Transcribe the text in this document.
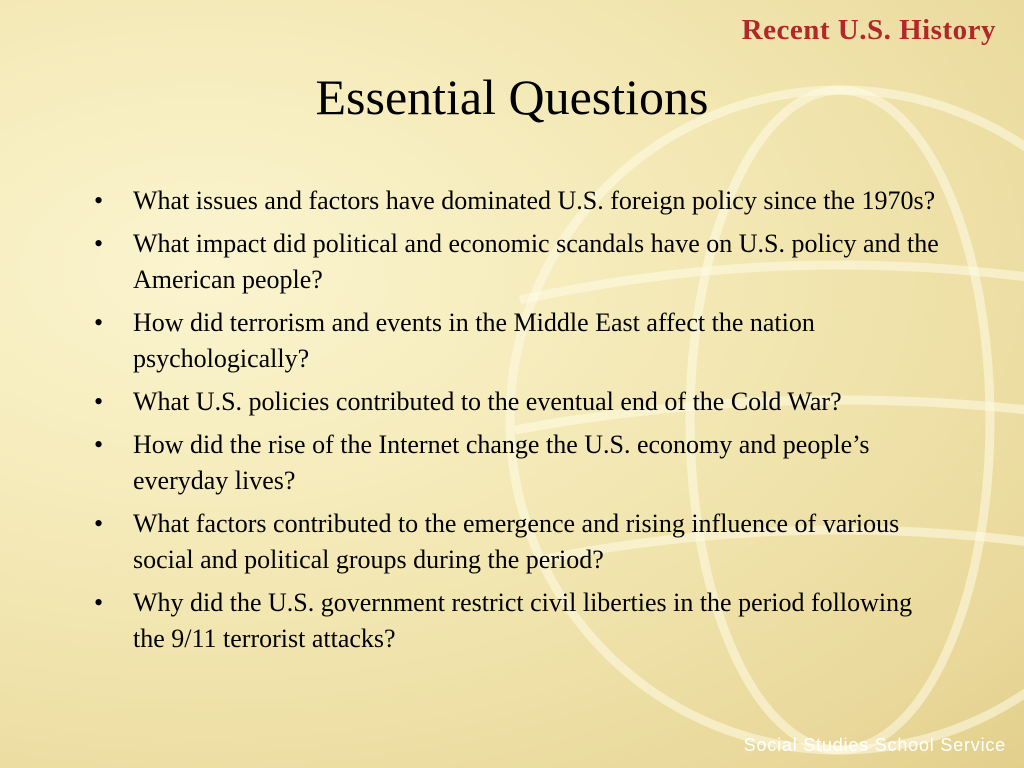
Recent U.S. History
Essential Questions
• What issues and factors have dominated U.S. foreign policy since the 1970s?
• What impact did political and economic scandals have on U.S. policy and the American people?
• How did terrorism and events in the Middle East affect the nation psychologically?
• What U.S. policies contributed to the eventual end of the Cold War?
• How did the rise of the Internet change the U.S. economy and people’s everyday lives?
• What factors contributed to the emergence and rising influence of various social and political groups during the period?
• Why did the U.S. government restrict civil liberties in the period following the 9/11 terrorist attacks?
Social Studies School Service
